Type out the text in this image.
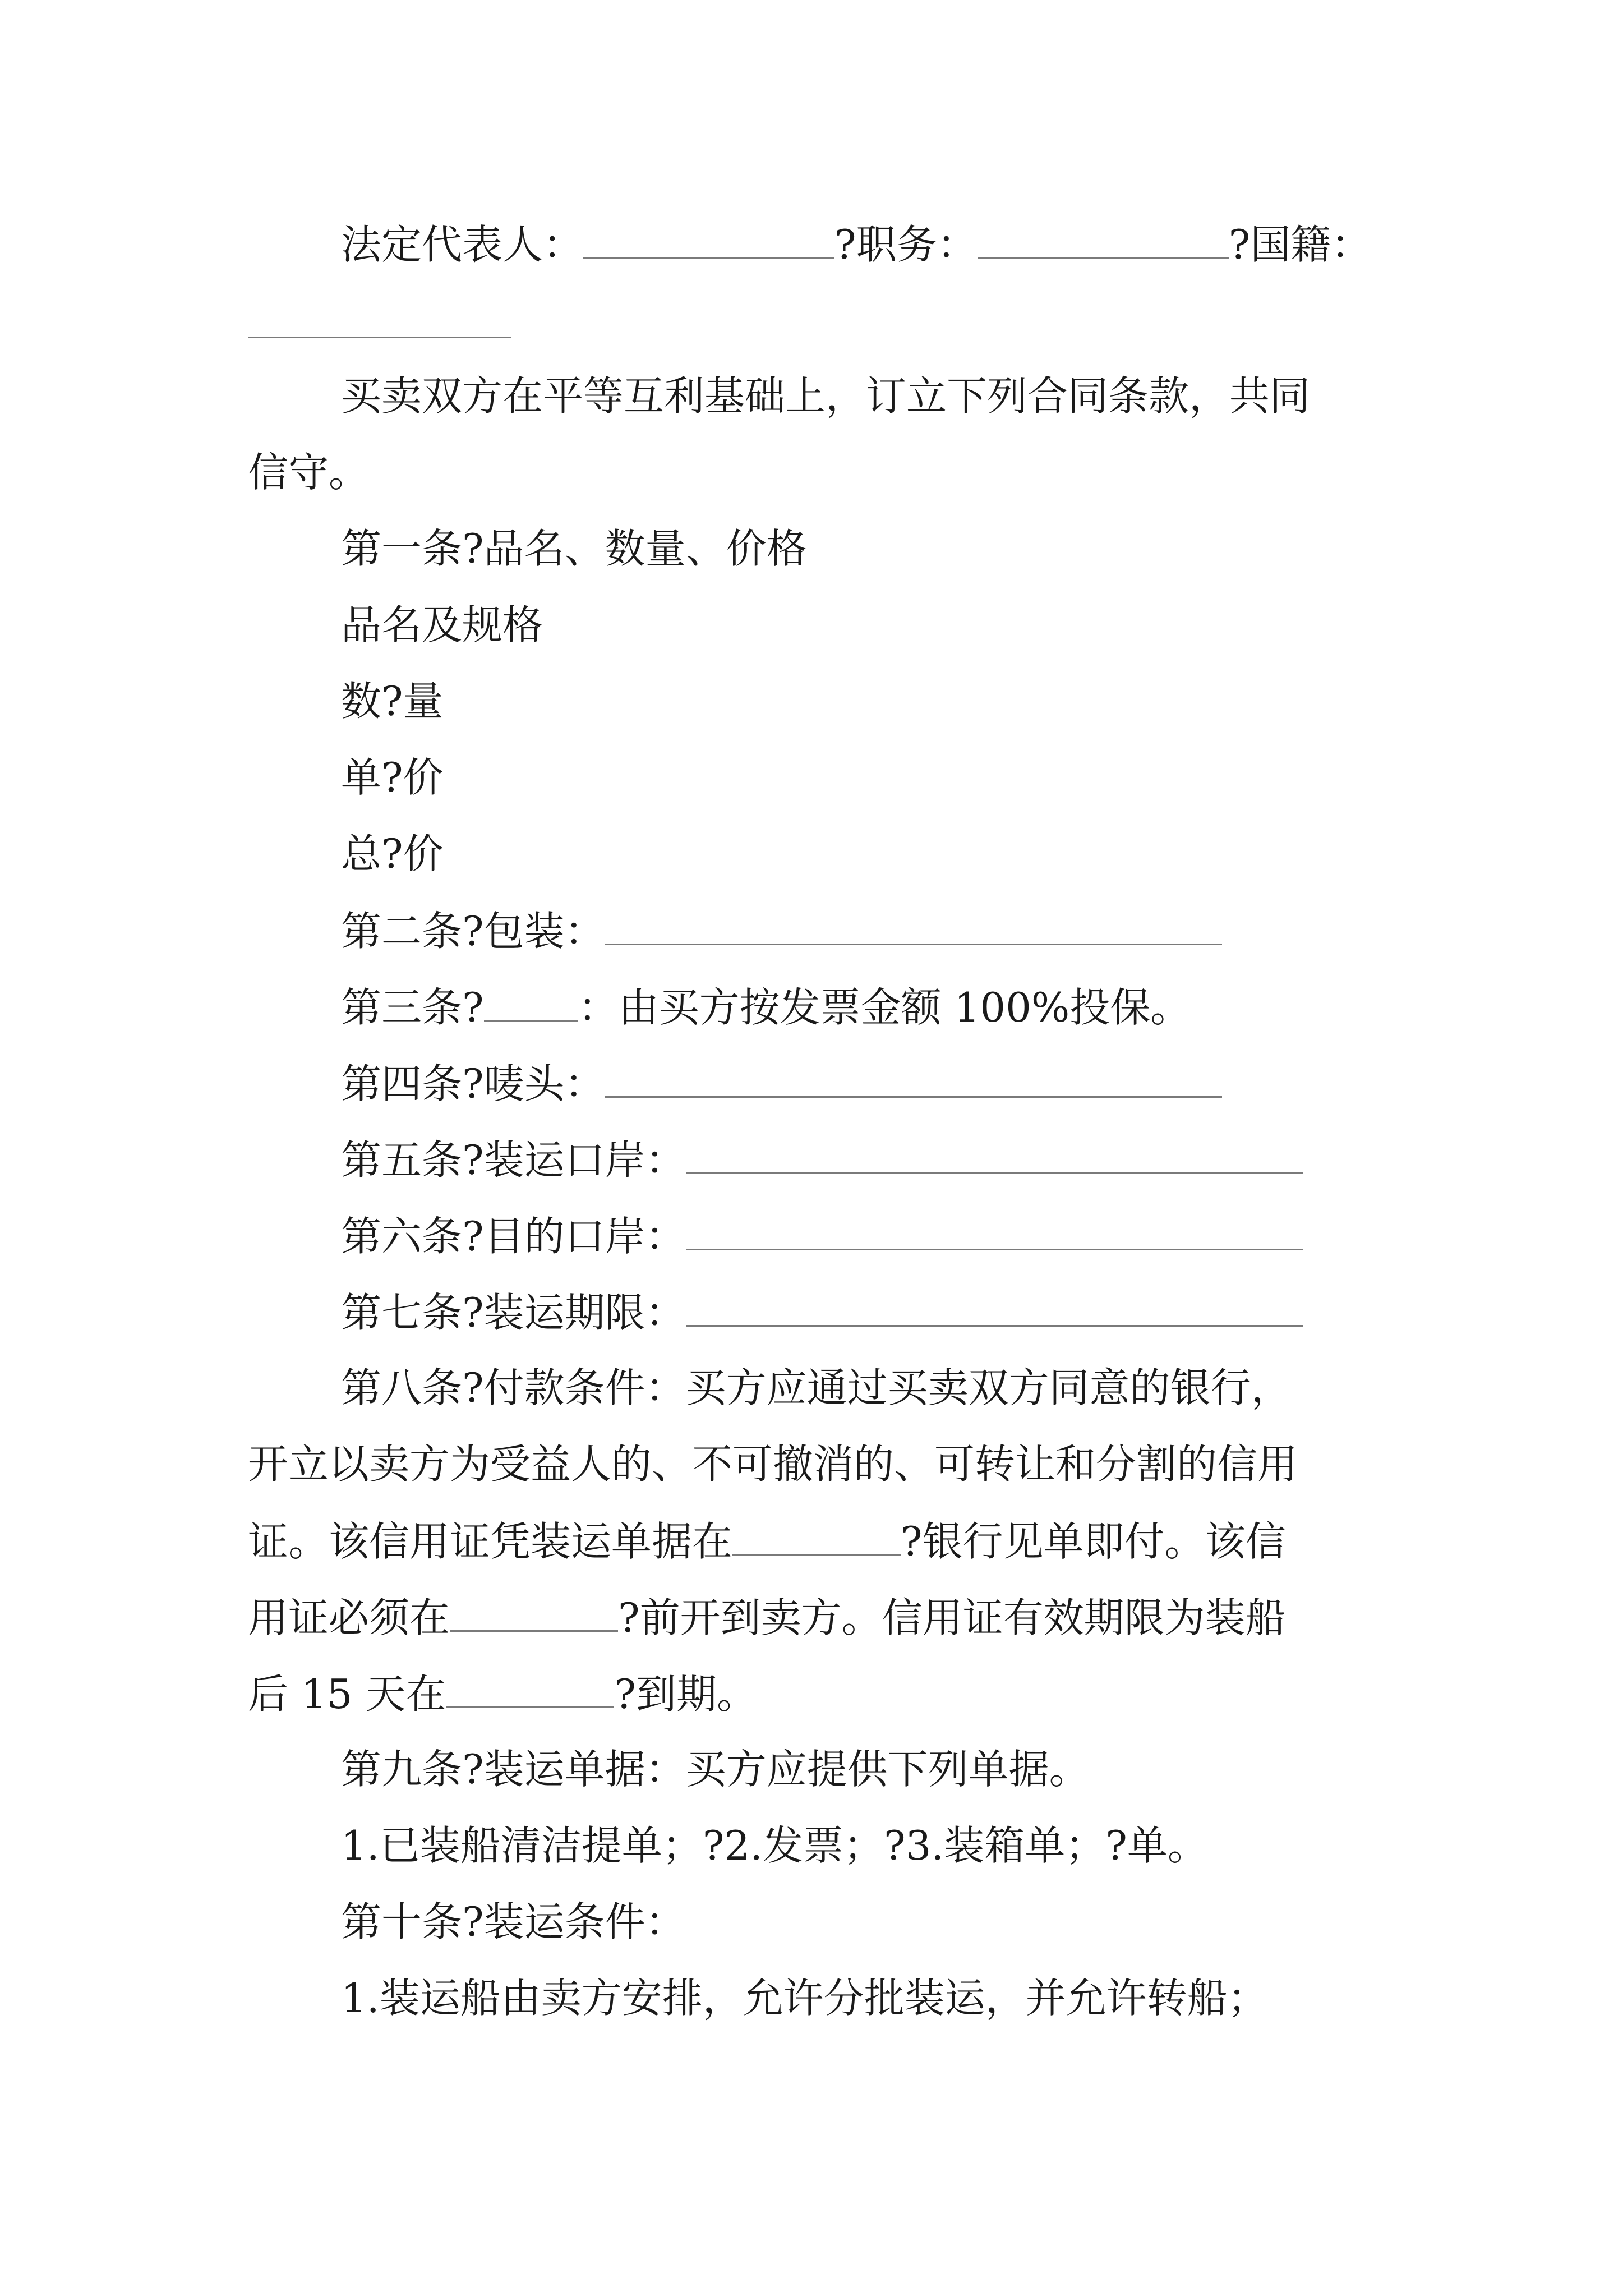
法定代表人：	?职务：	?国籍：

买卖双方在平等互利基础上，订立下列合同条款，共同

信守。

第一条?品名、数量、价格

品名及规格

数?量

单?价

总?价

第二条?包装：

第三条? ：由买方按发票金额 100%投保。

第四条?唛头：

第五条?装运口岸：

第六条?目的口岸：

第七条?装运期限：

第八条?付款条件：买方应通过买卖双方同意的银行，

开立以卖方为受益人的、不可撤消的、可转让和分割的信用

证。该信用证凭装运单据在	?银行见单即付。该信

用证必须在	?前开到卖方。信用证有效期限为装船

后 15 天在	?到期。

第九条?装运单据：买方应提供下列单据。

1.已装船清洁提单；?2.发票；?3.装箱单；?单。

第十条?装运条件：

1.装运船由卖方安排，允许分批装运，并允许转船；
